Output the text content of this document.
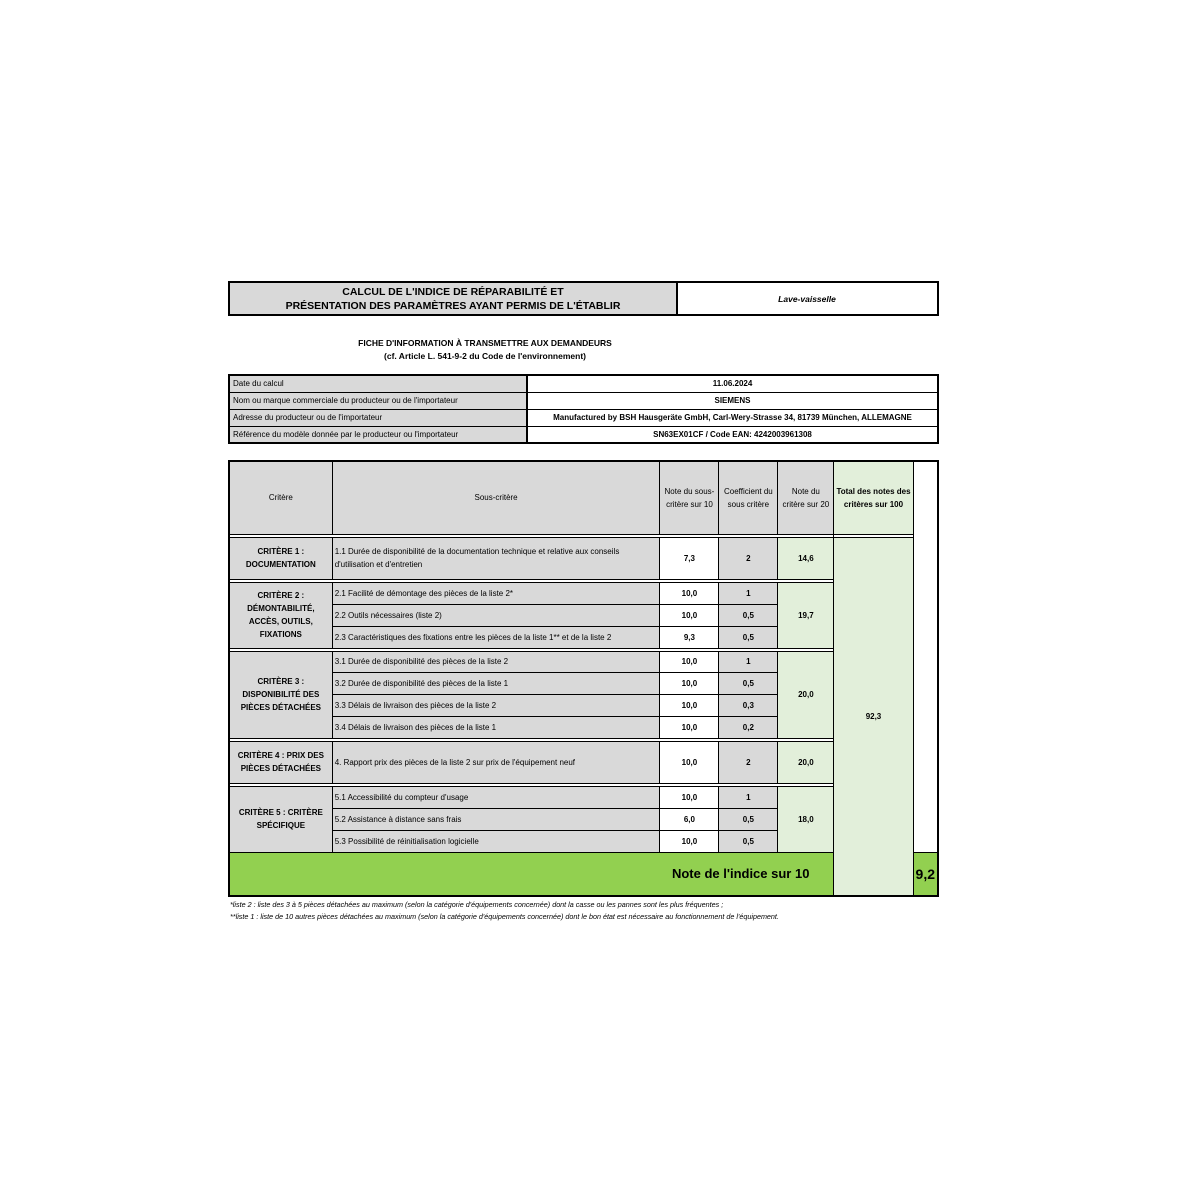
CALCUL DE L'INDICE DE RÉPARABILITÉ ET
PRÉSENTATION DES PARAMÈTRES AYANT PERMIS DE L'ÉTABLIR
Lave-vaisselle
FICHE D'INFORMATION À TRANSMETTRE AUX DEMANDEURS
(cf. Article L. 541-9-2 du Code de l'environnement)
Date du calcul	11.06.2024
Nom ou marque commerciale du producteur ou de l'importateur	SIEMENS
Adresse du producteur ou de l'importateur	Manufactured by BSH Hausgeräte GmbH, Carl-Wery-Strasse 34, 81739 München, ALLEMAGNE
Référence du modèle donnée par le producteur ou l'importateur	SN63EX01CF / Code EAN: 4242003961308
Critère	Sous-critère	Note du sous-critère sur 10	Coefficient du sous critère	Note du critère sur 20	Total des notes des critères sur 100	

CRITÈRE 1 : DOCUMENTATION	1.1 Durée de disponibilité de la documentation technique et relative aux conseils d'utilisation et d'entretien	7,3	2	14,6	92,3	

CRITÈRE 2 : DÉMONTABILITÉ, ACCÈS, OUTILS, FIXATIONS	2.1 Facilité de démontage des pièces de la liste 2*	10,0	1	19,7		
	2.2 Outils nécessaires (liste 2)	10,0	0,5			
	2.3 Caractéristiques des fixations entre les pièces de la liste 1** et de la liste 2	9,3	0,5			

CRITÈRE 3 : DISPONIBILITÉ DES PIÈCES DÉTACHÉES	3.1 Durée de disponibilité des pièces de la liste 2	10,0	1	20,0		
	3.2 Durée de disponibilité des pièces de la liste 1	10,0	0,5			
	3.3 Délais de livraison des pièces de la liste 2	10,0	0,3			
	3.4 Délais de livraison des pièces de la liste 1	10,0	0,2			

CRITÈRE 4 : PRIX DES PIÈCES DÉTACHÉES	4. Rapport prix des pièces de la liste 2 sur prix de l'équipement neuf	10,0	2	20,0		

CRITÈRE 5 : CRITÈRE SPÉCIFIQUE	5.1 Accessibilité du compteur d'usage	10,0	1	18,0		
	5.2 Assistance à distance sans frais	6,0	0,5			
	5.3 Possibilité de réinitialisation logicielle	10,0	0,5			
Note de l'indice sur 10						9,2
*liste 2 : liste des 3 à 5 pièces détachées au maximum (selon la catégorie d'équipements concernée) dont la casse ou les pannes sont les plus fréquentes ;
**liste 1 : liste de 10 autres pièces détachées au maximum (selon la catégorie d'équipements concernée) dont le bon état est nécessaire au fonctionnement de l'équipement.
